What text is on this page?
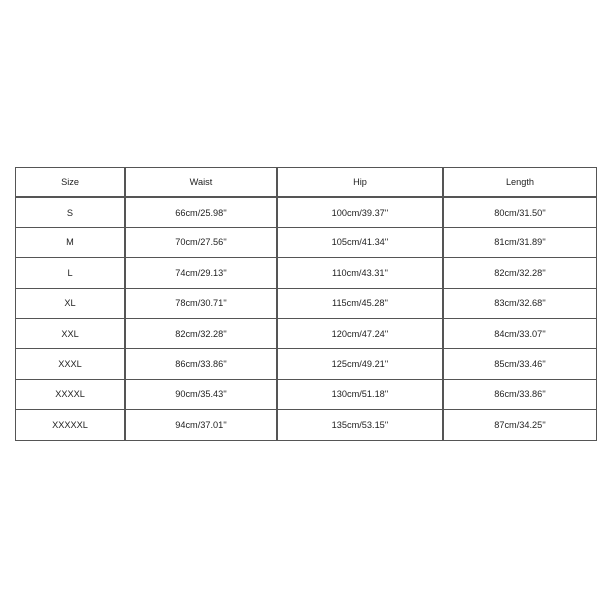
Size	Waist	Hip	Length
S	66cm/25.98''	100cm/39.37''	80cm/31.50''
M	70cm/27.56''	105cm/41.34''	81cm/31.89''
L	74cm/29.13''	110cm/43.31''	82cm/32.28''
XL	78cm/30.71''	115cm/45.28''	83cm/32.68''
XXL	82cm/32.28''	120cm/47.24''	84cm/33.07''
XXXL	86cm/33.86''	125cm/49.21''	85cm/33.46''
XXXXL	90cm/35.43''	130cm/51.18''	86cm/33.86''
XXXXXL	94cm/37.01''	135cm/53.15''	87cm/34.25''
